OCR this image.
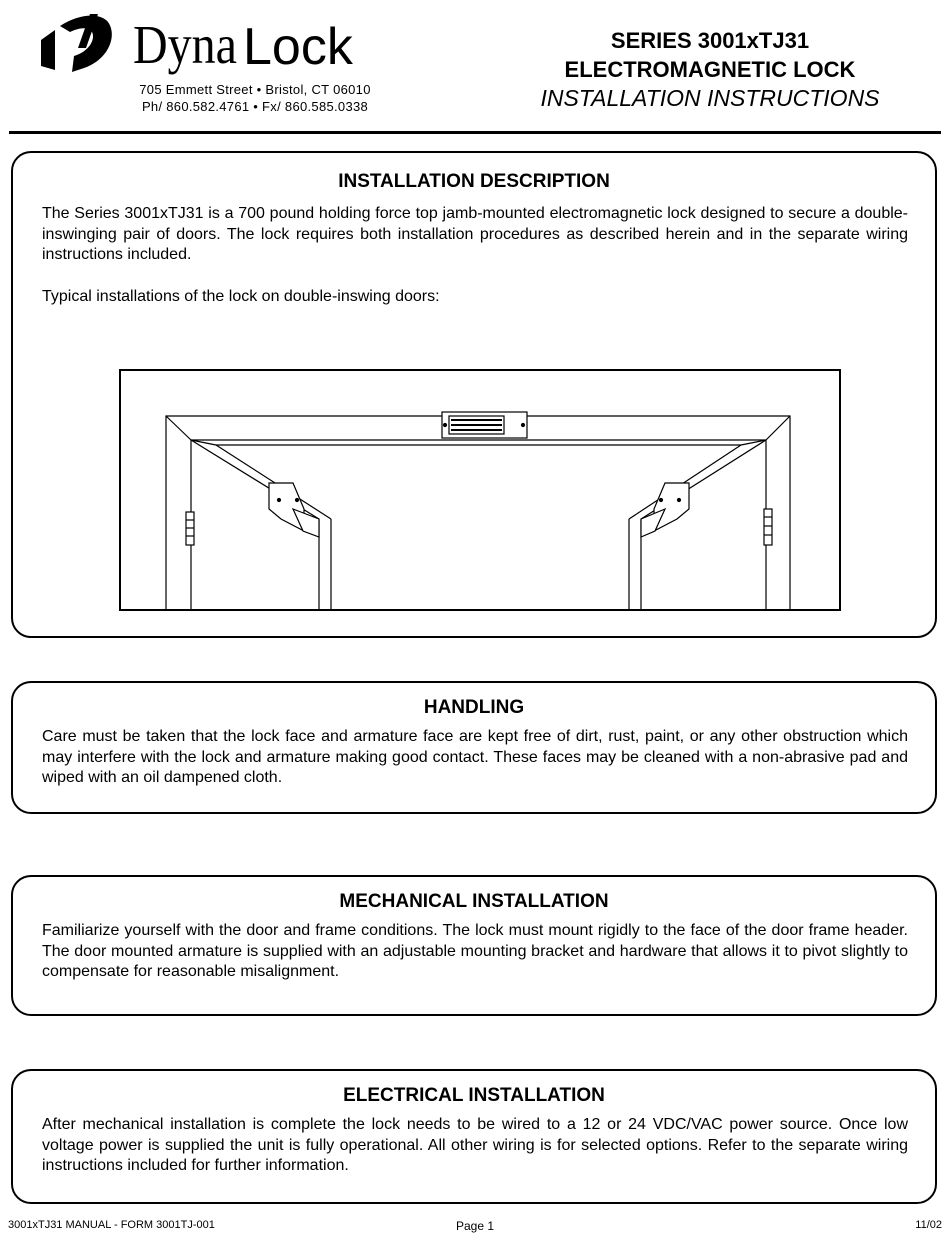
Dyna Lock
705 Emmett Street • Bristol, CT 06010
Ph/ 860.582.4761 • Fx/ 860.585.0338
SERIES 3001xTJ31
ELECTROMAGNETIC LOCK
INSTALLATION INSTRUCTIONS
INSTALLATION DESCRIPTION
The Series 3001xTJ31 is a 700 pound holding force top jamb-mounted electromagnetic lock designed to secure a double-inswinging pair of doors. The lock requires both installation procedures as described herein and in the separate wiring instructions included.
Typical installations of the lock on double-inswing doors:
HANDLING
Care must be taken that the lock face and armature face are kept free of dirt, rust, paint, or any other obstruction which may interfere with the lock and armature making good contact. These faces may be cleaned with a non-abrasive pad and wiped with an oil dampened cloth.
MECHANICAL INSTALLATION
Familiarize yourself with the door and frame conditions. The lock must mount rigidly to the face of the door frame header. The door mounted armature is supplied with an adjustable mounting bracket and hardware that allows it to pivot slightly to compensate for reasonable misalignment.
ELECTRICAL INSTALLATION
After mechanical installation is complete the lock needs to be wired to a 12 or 24 VDC/VAC power source. Once low voltage power is supplied the unit is fully operational. All other wiring is for selected options. Refer to the separate wiring instructions included for further information.
3001xTJ31 MANUAL - FORM 3001TJ-001	Page 1	11/02
